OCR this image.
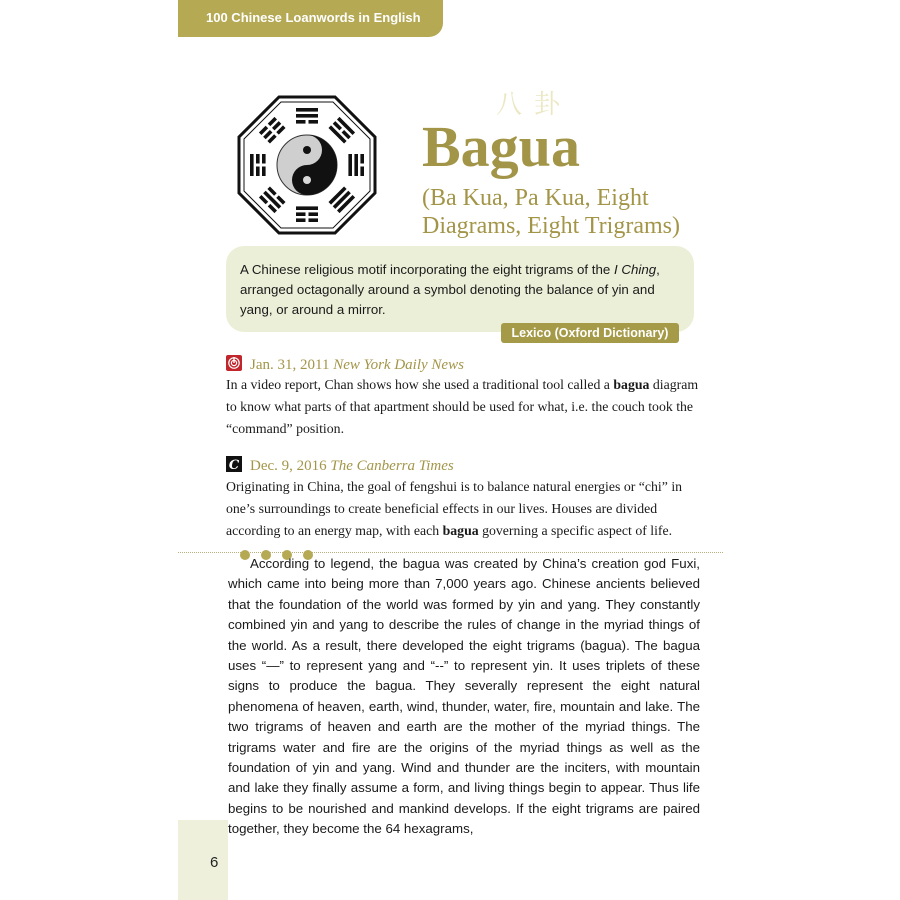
100 Chinese Loanwords in English
八卦
Bagua
(Ba Kua, Pa Kua, Eight Diagrams, Eight Trigrams)
A Chinese religious motif incorporating the eight trigrams of the I Ching, arranged octagonally around a symbol denoting the balance of yin and yang, or around a mirror.
Lexico (Oxford Dictionary)
Jan. 31, 2011 New York Daily News
In a video report, Chan shows how she used a traditional tool called a bagua diagram to know what parts of that apartment should be used for what, i.e. the couch took the “command” position.
C Dec. 9, 2016 The Canberra Times
Originating in China, the goal of fengshui is to balance natural energies or “chi” in one’s surroundings to create beneficial effects in our lives. Houses are divided according to an energy map, with each bagua governing a specific aspect of life.

According to legend, the bagua was created by China’s creation god Fuxi, which came into being more than 7,000 years ago. Chinese ancients believed that the foundation of the world was formed by yin and yang. They constantly combined yin and yang to describe the rules of change in the myriad things of the world. As a result, there developed the eight trigrams (bagua). The bagua uses “—” to represent yang and “--” to represent yin. It uses triplets of these signs to produce the bagua. They severally represent the eight natural phenomena of heaven, earth, wind, thunder, water, fire, mountain and lake. The two trigrams of heaven and earth are the mother of the myriad things. The trigrams water and fire are the origins of the myriad things as well as the foundation of yin and yang. Wind and thunder are the inciters, with mountain and lake they finally assume a form, and living things begin to appear. Thus life begins to be nourished and mankind develops. If the eight trigrams are paired together, they become the 64 hexagrams,

6
